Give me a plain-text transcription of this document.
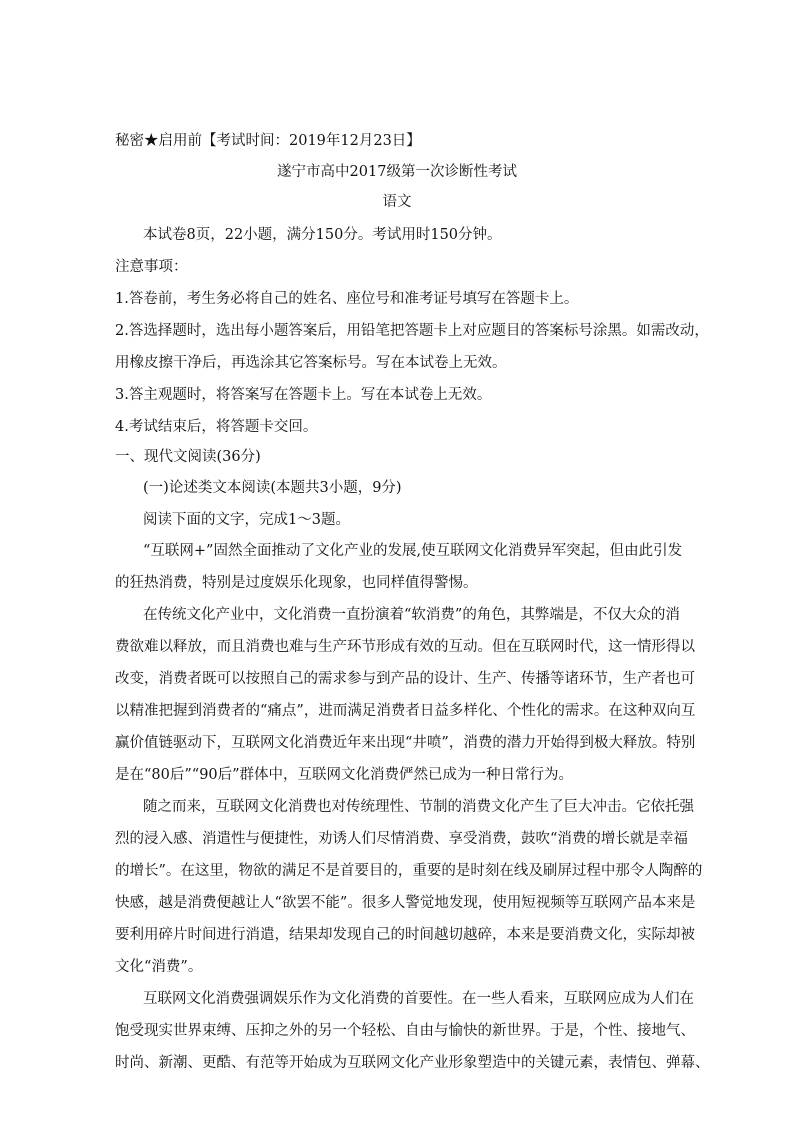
秘密★启用前【考试时间：2019年12月23日】
遂宁市高中2017级第一次诊断性考试
语文
本试卷8页，22小题，满分150分。考试用时150分钟。
注意事项：
1.答卷前，考生务必将自己的姓名、座位号和准考证号填写在答题卡上。
2.答选择题时，选出每小题答案后，用铅笔把答题卡上对应题目的答案标号涂黑。如需改动，
用橡皮擦干净后，再选涂其它答案标号。写在本试卷上无效。
3.答主观题时，将答案写在答题卡上。写在本试卷上无效。
4.考试结束后，将答题卡交回。
一、现代文阅读(36分)
(一)论述类文本阅读(本题共3小题，9分)
阅读下面的文字，完成1～3题。
“互联网+”固然全面推动了文化产业的发展,使互联网文化消费异军突起，但由此引发
的狂热消费，特别是过度娱乐化现象，也同样值得警惕。
在传统文化产业中，文化消费一直扮演着“软消费”的角色，其弊端是，不仅大众的消
费欲难以释放，而且消费也难与生产环节形成有效的互动。但在互联网时代，这一情形得以
改变，消费者既可以按照自己的需求参与到产品的设计、生产、传播等诸环节，生产者也可
以精准把握到消费者的“痛点”，进而满足消费者日益多样化、个性化的需求。在这种双向互
赢价值链驱动下，互联网文化消费近年来出现“井喷”，消费的潜力开始得到极大释放。特别
是在“80后”“90后”群体中，互联网文化消费俨然已成为一种日常行为。
随之而来，互联网文化消费也对传统理性、节制的消费文化产生了巨大冲击。它依托强
烈的浸入感、消遣性与便捷性，劝诱人们尽情消费、享受消费，鼓吹“消费的增长就是幸福
的增长”。在这里，物欲的满足不是首要目的，重要的是时刻在线及刷屏过程中那令人陶醉的
快感，越是消费便越让人“欲罢不能”。很多人警觉地发现，使用短视频等互联网产品本来是
要利用碎片时间进行消遣，结果却发现自己的时间越切越碎，本来是要消费文化，实际却被
文化“消费”。
互联网文化消费强调娱乐作为文化消费的首要性。在一些人看来，互联网应成为人们在
饱受现实世界束缚、压抑之外的另一个轻松、自由与愉快的新世界。于是，个性、接地气、
时尚、新潮、更酷、有范等开始成为互联网文化产业形象塑造中的关键元素，表情包、弹幕、
